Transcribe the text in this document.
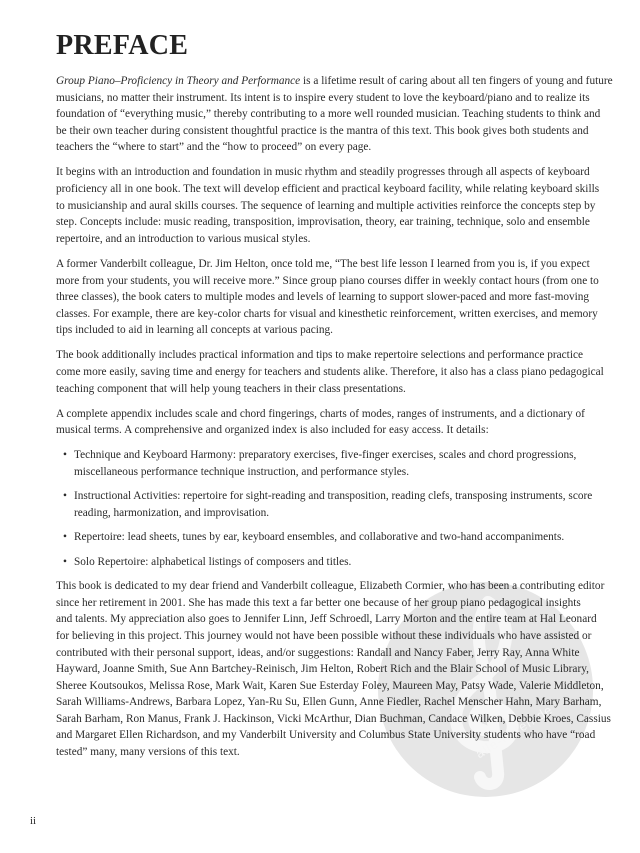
alle-noten.de
PREFACE
Group Piano–Proficiency in Theory and Performance is a lifetime result of caring about all ten fingers of young and future
musicians, no matter their instrument. Its intent is to inspire every student to love the keyboard/piano and to realize its
foundation of “everything music,” thereby contributing to a more well rounded musician. Teaching students to think and
be their own teacher during consistent thoughtful practice is the mantra of this text. This book gives both students and
teachers the “where to start” and the “how to proceed” on every page.
It begins with an introduction and foundation in music rhythm and steadily progresses through all aspects of keyboard
proficiency all in one book. The text will develop efficient and practical keyboard facility, while relating keyboard skills
to musicianship and aural skills courses. The sequence of learning and multiple activities reinforce the concepts step by
step. Concepts include: music reading, transposition, improvisation, theory, ear training, technique, solo and ensemble
repertoire, and an introduction to various musical styles.
A former Vanderbilt colleague, Dr. Jim Helton, once told me, “The best life lesson I learned from you is, if you expect
more from your students, you will receive more.” Since group piano courses differ in weekly contact hours (from one to
three classes), the book caters to multiple modes and levels of learning to support slower-paced and more fast-moving
classes. For example, there are key-color charts for visual and kinesthetic reinforcement, written exercises, and memory
tips included to aid in learning all concepts at various pacing.
The book additionally includes practical information and tips to make repertoire selections and performance practice
come more easily, saving time and energy for teachers and students alike. Therefore, it also has a class piano pedagogical
teaching component that will help young teachers in their class presentations.
A complete appendix includes scale and chord fingerings, charts of modes, ranges of instruments, and a dictionary of
musical terms. A comprehensive and organized index is also included for easy access. It details:
• Technique and Keyboard Harmony: preparatory exercises, five-finger exercises, scales and chord progressions,
miscellaneous performance technique instruction, and performance styles.
• Instructional Activities: repertoire for sight-reading and transposition, reading clefs, transposing instruments, score
reading, harmonization, and improvisation.
• Repertoire: lead sheets, tunes by ear, keyboard ensembles, and collaborative and two-hand accompaniments.
• Solo Repertoire: alphabetical listings of composers and titles.
This book is dedicated to my dear friend and Vanderbilt colleague, Elizabeth Cormier, who has been a contributing editor
since her retirement in 2001. She has made this text a far better one because of her group piano pedagogical insights
and talents. My appreciation also goes to Jennifer Linn, Jeff Schroedl, Larry Morton and the entire team at Hal Leonard
for believing in this project. This journey would not have been possible without these individuals who have assisted or
contributed with their personal support, ideas, and/or suggestions: Randall and Nancy Faber, Jerry Ray, Anna White
Hayward, Joanne Smith, Sue Ann Bartchey-Reinisch, Jim Helton, Robert Rich and the Blair School of Music Library,
Sheree Koutsoukos, Melissa Rose, Mark Wait, Karen Sue Esterday Foley, Maureen May, Patsy Wade, Valerie Middleton,
Sarah Williams-Andrews, Barbara Lopez, Yan-Ru Su, Ellen Gunn, Anne Fiedler, Rachel Menscher Hahn, Mary Barham,
Sarah Barham, Ron Manus, Frank J. Hackinson, Vicki McArthur, Dian Buchman, Candace Wilken, Debbie Kroes, Cassius
and Margaret Ellen Richardson, and my Vanderbilt University and Columbus State University students who have “road
tested” many, many versions of this text.
ii
